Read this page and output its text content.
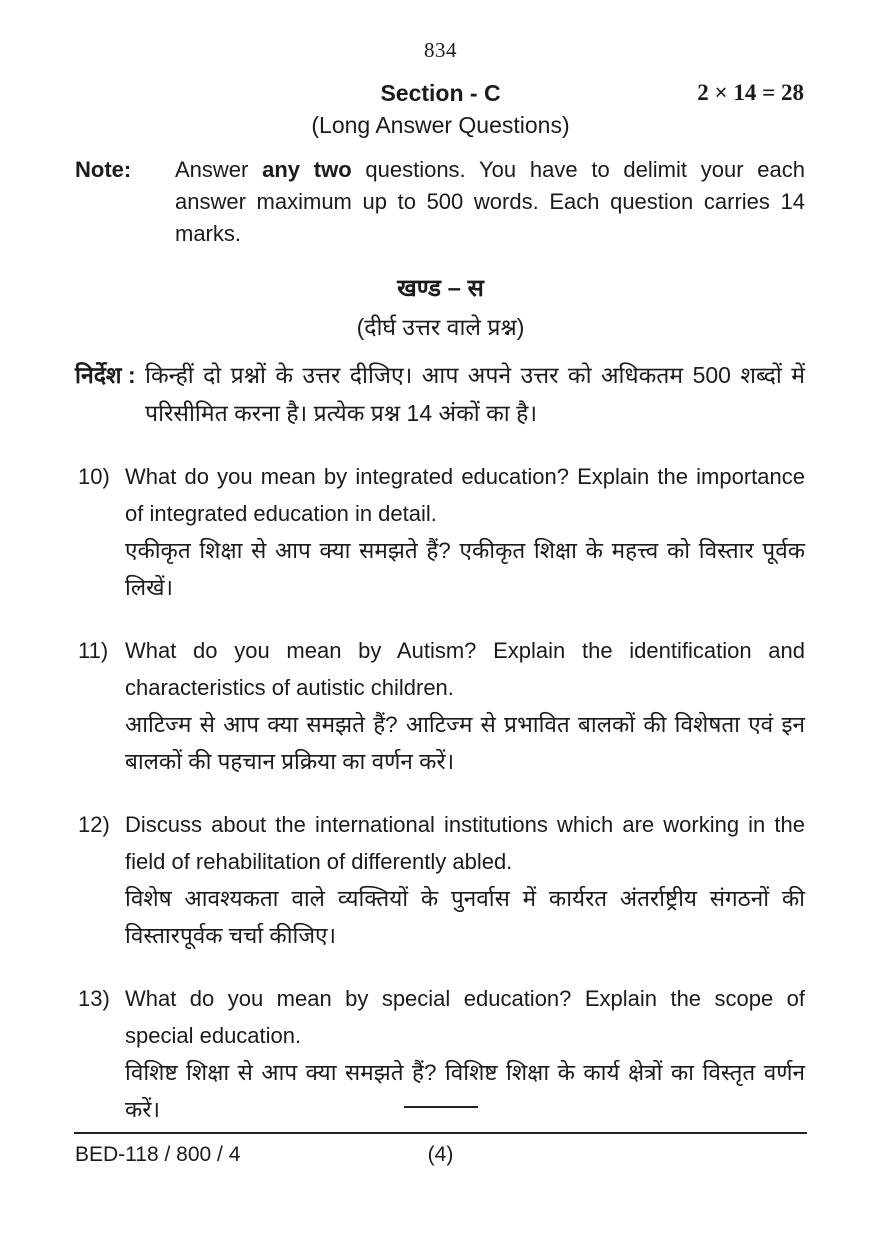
834
Section - C	2 × 14 = 28
(Long Answer Questions)
Note:	Answer any two questions. You have to delimit your each answer maximum up to 500 words. Each question carries 14 marks.
खण्ड – स
(दीर्घ उत्तर वाले प्रश्न)
निर्देश : किन्हीं दो प्रश्नों के उत्तर दीजिए। आप अपने उत्तर को अधिकतम 500 शब्दों में परिसीमित करना है। प्रत्येक प्रश्न 14 अंकों का है।
10) What do you mean by integrated education? Explain the importance of integrated education in detail.
एकीकृत शिक्षा से आप क्या समझते हैं? एकीकृत शिक्षा के महत्त्व को विस्तार पूर्वक लिखें।
11) What do you mean by Autism? Explain the identification and characteristics of autistic children.
आटिज्म से आप क्या समझते हैं? आटिज्म से प्रभावित बालकों की विशेषता एवं इन बालकों की पहचान प्रक्रिया का वर्णन करें।
12) Discuss about the international institutions which are working in the field of rehabilitation of differently abled.
विशेष आवश्यकता वाले व्यक्तियों के पुनर्वास में कार्यरत अंतर्राष्ट्रीय संगठनों की विस्तारपूर्वक चर्चा कीजिए।
13) What do you mean by special education? Explain the scope of special education.
विशिष्ट शिक्षा से आप क्या समझते हैं? विशिष्ट शिक्षा के कार्य क्षेत्रों का विस्तृत वर्णन करें।
BED-118 / 800 / 4	(4)
